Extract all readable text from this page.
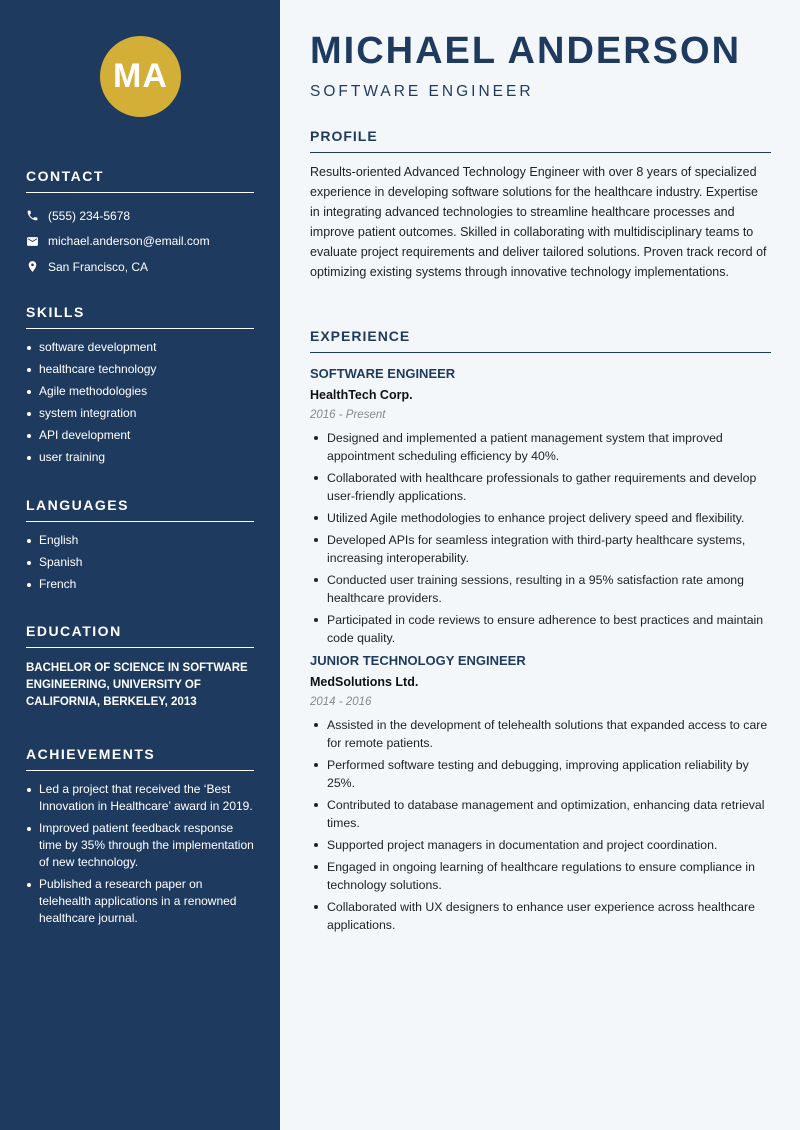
MA
CONTACT
(555) 234-5678
michael.anderson@email.com
San Francisco, CA
SKILLS
software development
healthcare technology
Agile methodologies
system integration
API development
user training
LANGUAGES
English
Spanish
French
EDUCATION

BACHELOR OF SCIENCE IN SOFTWARE ENGINEERING, UNIVERSITY OF CALIFORNIA, BERKELEY, 2013

ACHIEVEMENTS
Led a project that received the ‘Best Innovation in Healthcare’ award in 2019.
Improved patient feedback response time by 35% through the implementation of new technology.
Published a research paper on telehealth applications in a renowned healthcare journal.
MICHAEL ANDERSON
SOFTWARE ENGINEER
PROFILE

Results-oriented Advanced Technology Engineer with over 8 years of specialized experience in developing software solutions for the healthcare industry. Expertise in integrating advanced technologies to streamline healthcare processes and improve patient outcomes. Skilled in collaborating with multidisciplinary teams to evaluate project requirements and deliver tailored solutions. Proven track record of optimizing existing systems through innovative technology implementations.

EXPERIENCE
SOFTWARE ENGINEER
HealthTech Corp.
2016 - Present
Designed and implemented a patient management system that improved appointment scheduling efficiency by 40%.
Collaborated with healthcare professionals to gather requirements and develop user-friendly applications.
Utilized Agile methodologies to enhance project delivery speed and flexibility.
Developed APIs for seamless integration with third-party healthcare systems, increasing interoperability.
Conducted user training sessions, resulting in a 95% satisfaction rate among healthcare providers.
Participated in code reviews to ensure adherence to best practices and maintain code quality.
JUNIOR TECHNOLOGY ENGINEER
MedSolutions Ltd.
2014 - 2016
Assisted in the development of telehealth solutions that expanded access to care for remote patients.
Performed software testing and debugging, improving application reliability by 25%.
Contributed to database management and optimization, enhancing data retrieval times.
Supported project managers in documentation and project coordination.
Engaged in ongoing learning of healthcare regulations to ensure compliance in technology solutions.
Collaborated with UX designers to enhance user experience across healthcare applications.
